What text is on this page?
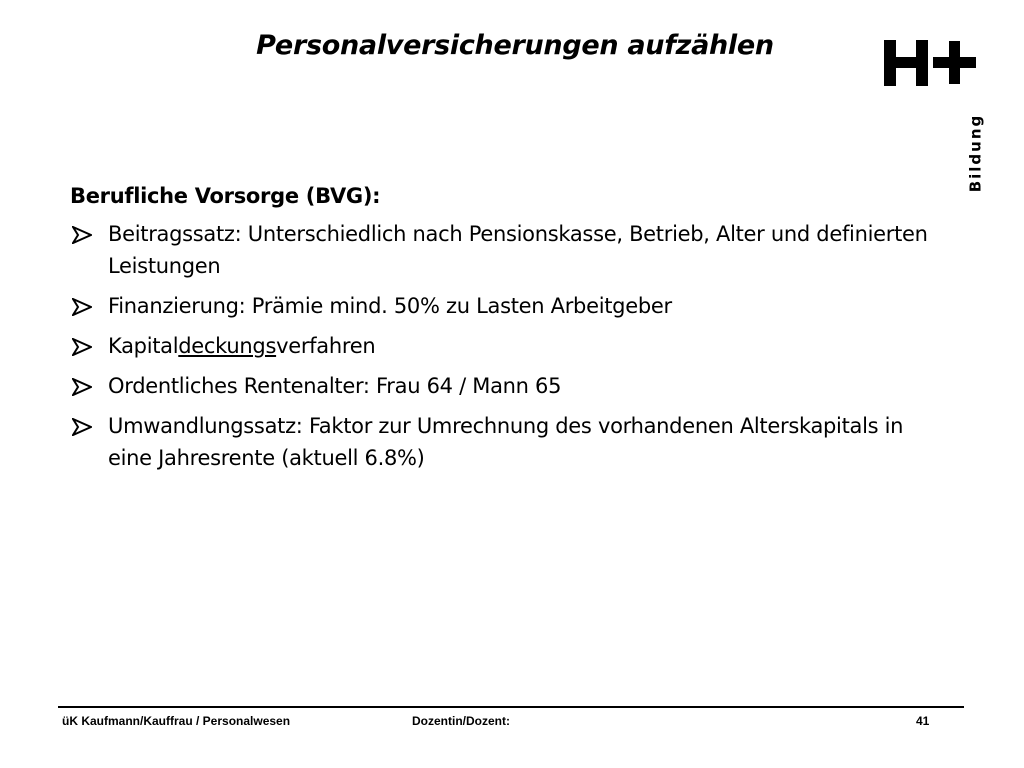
Personalversicherungen aufzählen
Bildung
Berufliche Vorsorge (BVG):
Beitragssatz: Unterschiedlich nach Pensionskasse, Betrieb, Alter und definierten Leistungen
Finanzierung: Prämie mind. 50% zu Lasten Arbeitgeber
Kapitaldeckungsverfahren
Ordentliches Rentenalter: Frau 64 / Mann 65
Umwandlungssatz: Faktor zur Umrechnung des vorhandenen Alterskapitals in eine Jahresrente (aktuell 6.8%)
üK Kaufmann/Kauffrau / Personalwesen	Dozentin/Dozent:	41
